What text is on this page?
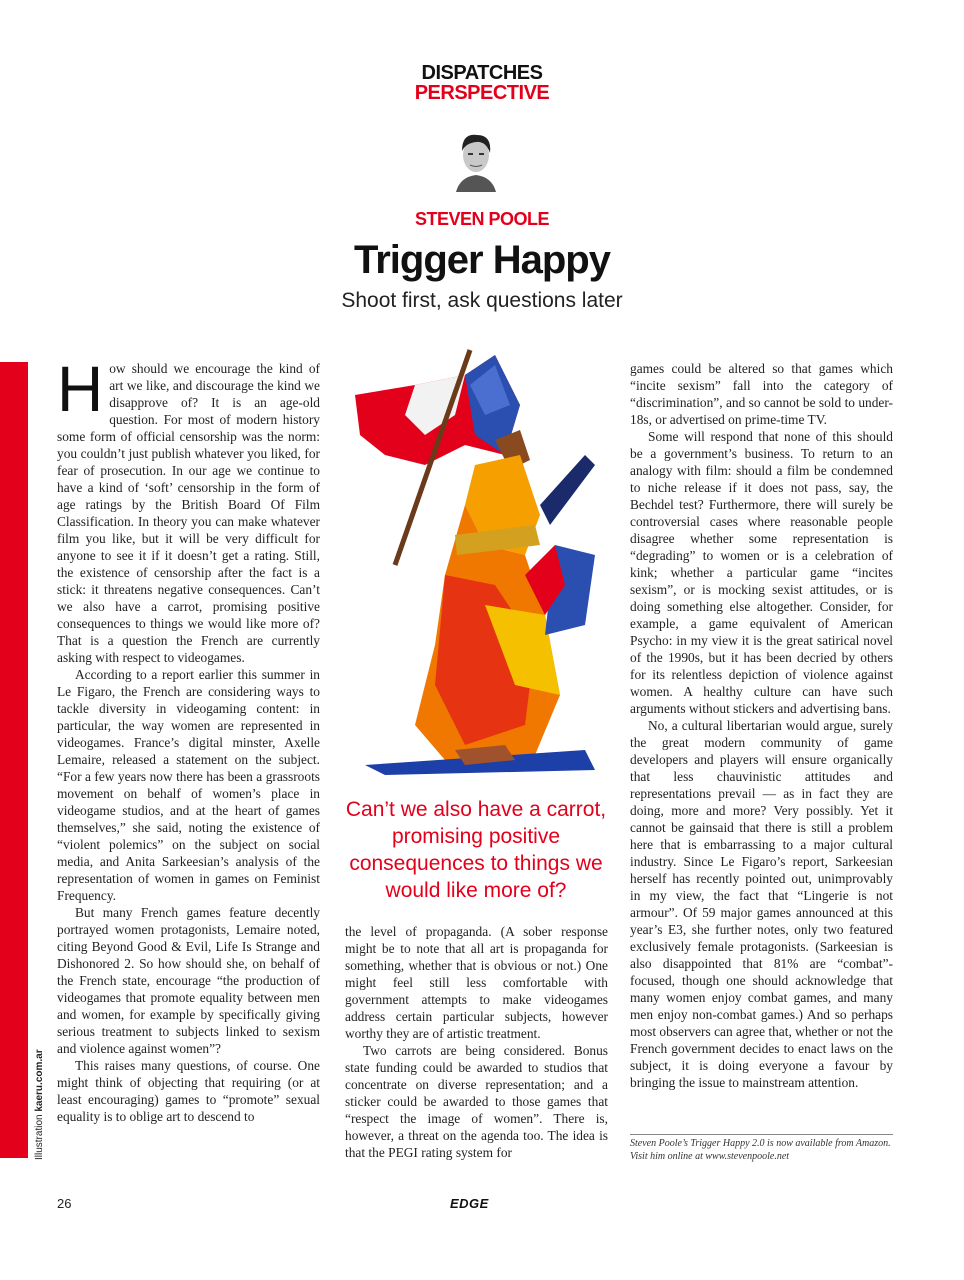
DISPATCHES
PERSPECTIVE
STEVEN POOLE
Trigger Happy
Shoot first, ask questions later
Illustration kaeru.com.ar

How should we encourage the kind of art we like, and discourage the kind we disapprove of? It is an age-old question. For most of modern history some form of official censorship was the norm: you couldn’t just publish whatever you liked, for fear of prosecution. In our age we continue to have a kind of ‘soft’ censorship in the form of age ratings by the British Board Of Film Classification. In theory you can make whatever film you like, but it will be very difficult for anyone to see it if it doesn’t get a rating. Still, the existence of censorship after the fact is a stick: it threatens negative consequences. Can’t we also have a carrot, promising positive consequences to things we would like more of? That is a question the French are currently asking with respect to videogames.

According to a report earlier this summer in Le Figaro, the French are considering ways to tackle diversity in videogaming content: in particular, the way women are represented in videogames. France’s digital minster, Axelle Lemaire, released a statement on the subject. “For a few years now there has been a grassroots movement on behalf of women’s place in videogame studios, and at the heart of games themselves,” she said, noting the existence of “violent polemics” on the subject on social media, and Anita Sarkeesian’s analysis of the representation of women in games on Feminist Frequency.

But many French games feature decently portrayed women protagonists, Lemaire noted, citing Beyond Good & Evil, Life Is Strange and Dishonored 2. So how should she, on behalf of the French state, encourage “the production of videogames that promote equality between men and women, for example by specifically giving serious treatment to subjects linked to sexism and violence against women”?

This raises many questions, of course. One might think of objecting that requiring (or at least encouraging) games to “promote” sexual equality is to oblige art to descend to

Can’t we also have a carrot, promising positive consequences to things we would like more of?

the level of propaganda. (A sober response might be to note that all art is propaganda for something, whether that is obvious or not.) One might feel still less comfortable with government attempts to make videogames address certain particular subjects, however worthy they are of artistic treatment.

Two carrots are being considered. Bonus state funding could be awarded to studios that concentrate on diverse representation; and a sticker could be awarded to those games that “respect the image of women”. There is, however, a threat on the agenda too. The idea is that the PEGI rating system for

games could be altered so that games which “incite sexism” fall into the category of “discrimination”, and so cannot be sold to under-18s, or advertised on prime-time TV.

Some will respond that none of this should be a government’s business. To return to an analogy with film: should a film be condemned to niche release if it does not pass, say, the Bechdel test? Furthermore, there will surely be controversial cases where reasonable people disagree whether some representation is “degrading” to women or is a celebration of kink; whether a particular game “incites sexism”, or is mocking sexist attitudes, or is doing something else altogether. Consider, for example, a game equivalent of American Psycho: in my view it is the great satirical novel of the 1990s, but it has been decried by others for its relentless depiction of violence against women. A healthy culture can have such arguments without stickers and advertising bans.

No, a cultural libertarian would argue, surely the great modern community of game developers and players will ensure organically that less chauvinistic attitudes and representations prevail — as in fact they are doing, more and more? Very possibly. Yet it cannot be gainsaid that there is still a problem here that is embarrassing to a major cultural industry. Since Le Figaro’s report, Sarkeesian herself has recently pointed out, unimprovably in my view, the fact that “Lingerie is not armour”. Of 59 major games announced at this year’s E3, she further notes, only two featured exclusively female protagonists. (Sarkeesian is also disappointed that 81% are “combat”-focused, though one should acknowledge that many women enjoy combat games, and many men enjoy non-combat games.) And so perhaps most observers can agree that, whether or not the French government decides to enact laws on the subject, it is doing everyone a favour by bringing the issue to mainstream attention.

Steven Poole’s Trigger Happy 2.0 is now available from Amazon. Visit him online at www.stevenpoole.net
26	EDGE
